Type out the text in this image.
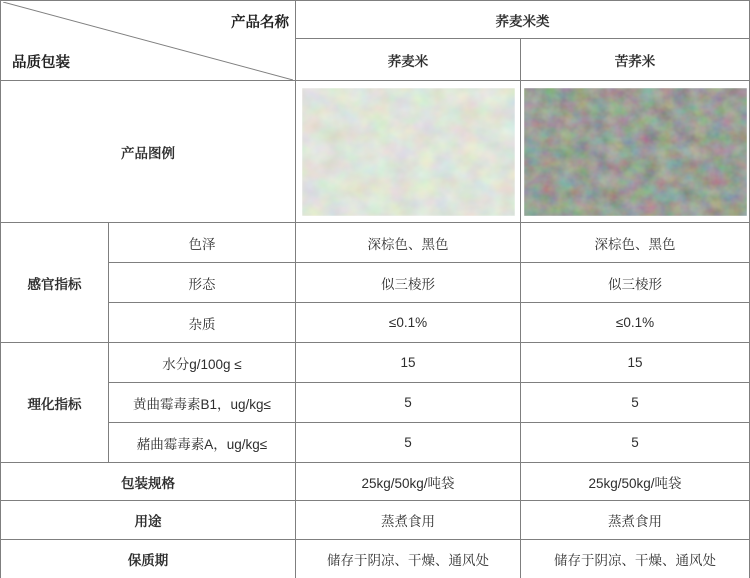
产品名称
品质包装		荞麦米类	
		荞麦米	苦荞米
产品图例	

感官指标	色泽	深棕色、黑色	深棕色、黑色
	形态	似三棱形	似三棱形
	杂质	≤0.1%	≤0.1%
理化指标	水分g/100g ≤	15	15
	黄曲霉毒素B1，ug/kg≤	5	5
	赭曲霉毒素A，ug/kg≤	5	5
包装规格		25kg/50kg/吨袋	25kg/50kg/吨袋
用途		蒸煮食用	蒸煮食用
保质期		储存于阴凉、干燥、通风处	储存于阴凉、干燥、通风处
